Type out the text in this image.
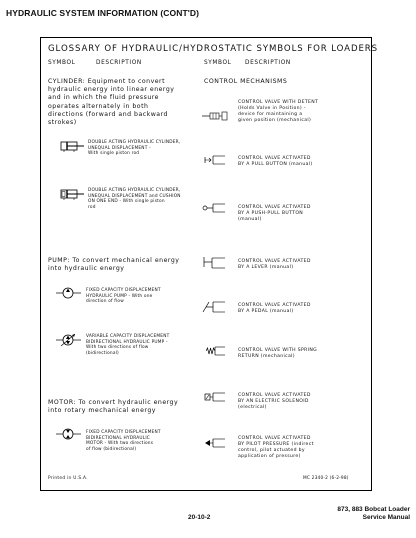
HYDRAULIC SYSTEM INFORMATION (CONT'D)
GLOSSARY OF HYDRAULIC/HYDROSTATIC SYMBOLS FOR LOADERS
SYMBOL	DESCRIPTION	SYMBOL DESCRIPTION
CYLINDER: Equipment to convert
hydraulic energy into linear energy
and in which the fluid pressure
operates alternately in both
directions (forward and backward
strokes)
DOUBLE ACTING HYDRAULIC CYLINDER,
UNEQUAL DISPLACEMENT -
With single piston rod
DOUBLE ACTING HYDRAULIC CYLINDER,
UNEQUAL DISPLACEMENT and CUSHION
ON ONE END - With single piston
rod
PUMP: To convert mechanical energy
into hydraulic energy
FIXED CAPACITY DISPLACEMENT
HYDRAULIC PUMP - With one
direction of flow
VARIABLE CAPACITY DISPLACEMENT
BIDIRECTIONAL HYDRAULIC PUMP -
With two directions of flow
(bidirectional)
MOTOR: To convert hydraulic energy
into rotary mechanical energy
FIXED CAPACITY DISPLACEMENT
BIDIRECTIONAL HYDRAULIC
MOTOR - With two directions
of flow (bidirectional)
CONTROL MECHANISMS
CONTROL VALVE WITH DETENT
(Holds Valve in Position) -
device for maintaining a
given position (mechanical)
CONTROL VALVE ACTIVATED
BY A PULL BUTTON (manual)
CONTROL VALVE ACTIVATED
BY A PUSH-PULL BUTTON
(manual)
CONTROL VALVE ACTIVATED
BY A LEVER (manual)
CONTROL VALVE ACTIVATED
BY A PEDAL (manual)
CONTROL VALVE WITH SPRING
RETURN (mechanical)
CONTROL VALVE ACTIVATED
BY AN ELECTRIC SOLENOID
(electrical)
CONTROL VALVE ACTIVATED
BY PILOT PRESSURE (indirect
control, pilot actuated by
application of pressure)
Printed in U.S.A.	MC 2340-2 (6-2-98)
873, 883 Bobcat Loader
Service Manual
20-10-2
